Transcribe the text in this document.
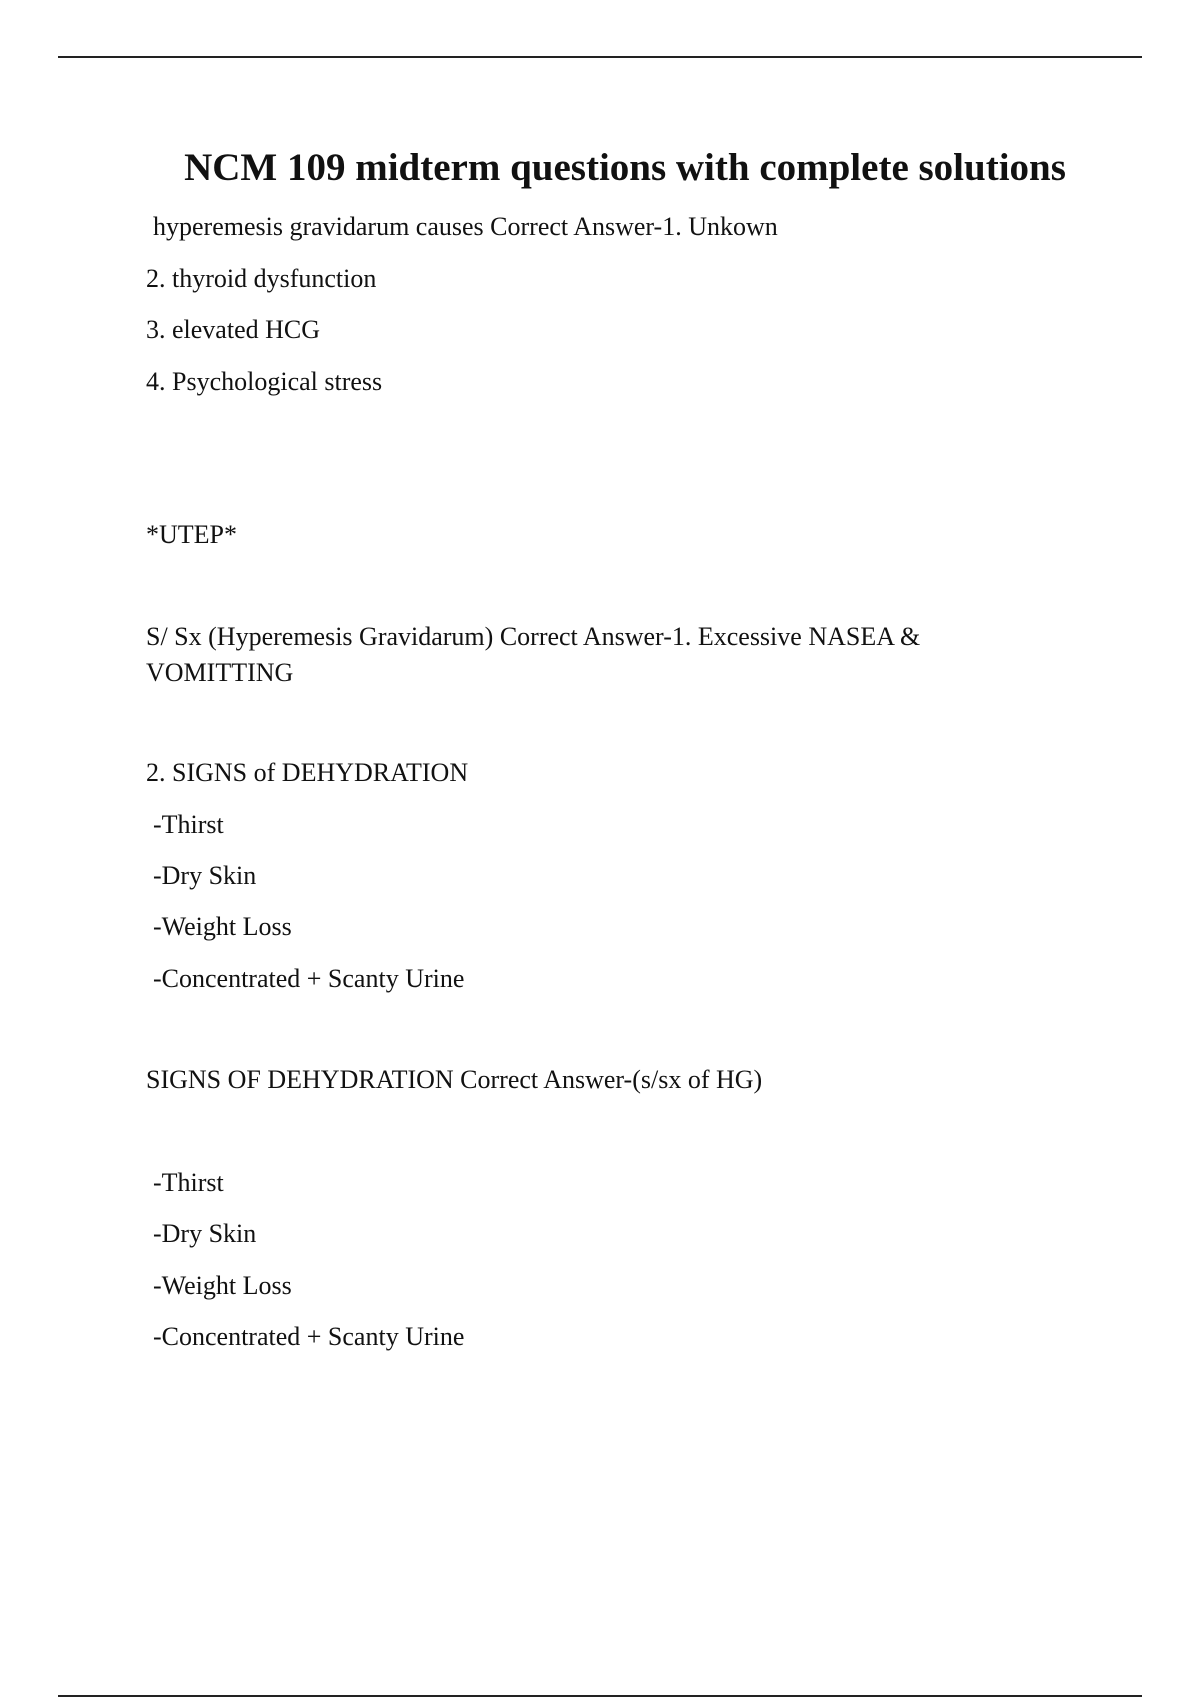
NCM 109 midterm questions with complete solutions
hyperemesis gravidarum causes Correct Answer-1. Unkown
2. thyroid dysfunction
3. elevated HCG
4. Psychological stress
*UTEP*
S/ Sx (Hyperemesis Gravidarum) Correct Answer-1. Excessive NASEA &
VOMITTING
2. SIGNS of DEHYDRATION
-Thirst
-Dry Skin
-Weight Loss
-Concentrated + Scanty Urine
SIGNS OF DEHYDRATION Correct Answer-(s/sx of HG)
-Thirst
-Dry Skin
-Weight Loss
-Concentrated + Scanty Urine
